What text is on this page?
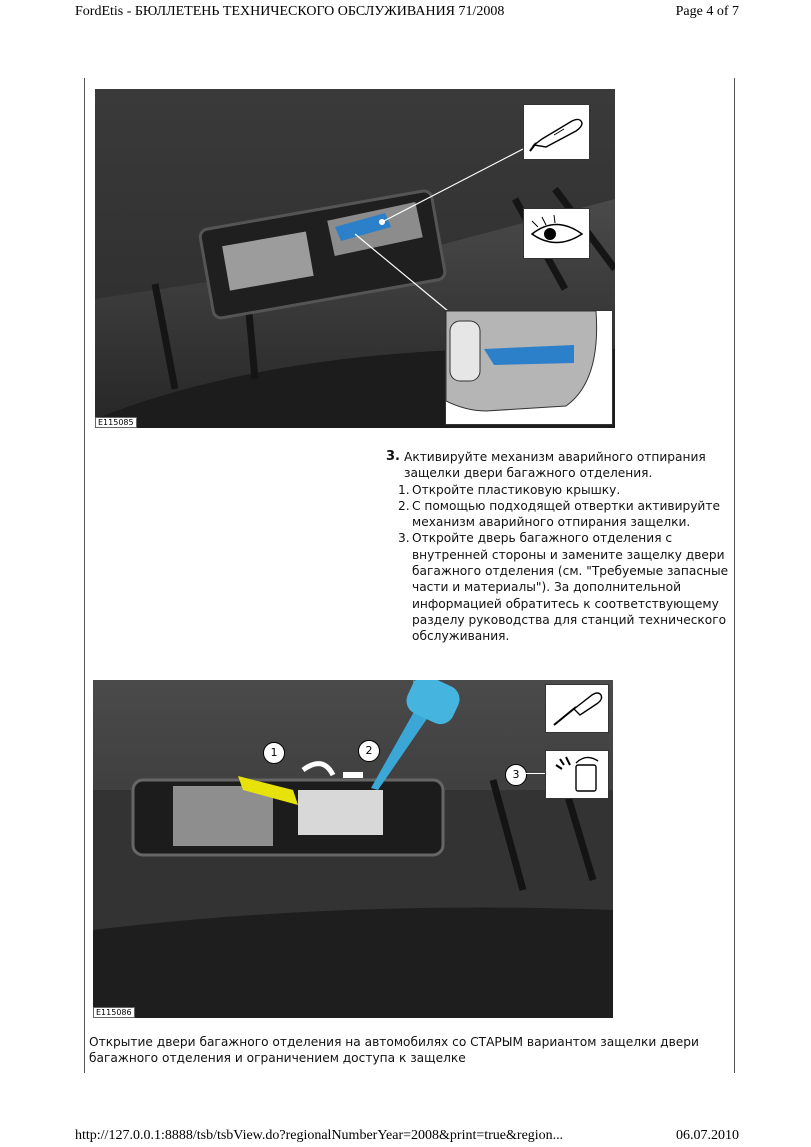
FordEtis - БЮЛЛЕТЕНЬ ТЕХНИЧЕСКОГО ОБСЛУЖИВАНИЯ 71/2008	Page 4 of 7
E115085
3. Активируйте механизм аварийного отпирания защелки двери багажного отделения.
1. Откройте пластиковую крышку.
2. С помощью подходящей отвертки активируйте механизм аварийного отпирания защелки.
3. Откройте дверь багажного отделения с внутренней стороны и замените защелку двери багажного отделения (см. "Требуемые запасные части и материалы"). За дополнительной информацией обратитесь к соответствующему разделу руководства для станций технического обслуживания.
1	2
3
E115086
Открытие двери багажного отделения на автомобилях со СТАРЫМ вариантом защелки двери багажного отделения и ограничением доступа к защелке
http://127.0.0.1:8888/tsb/tsbView.do?regionalNumberYear=2008&print=true&region...	06.07.2010
